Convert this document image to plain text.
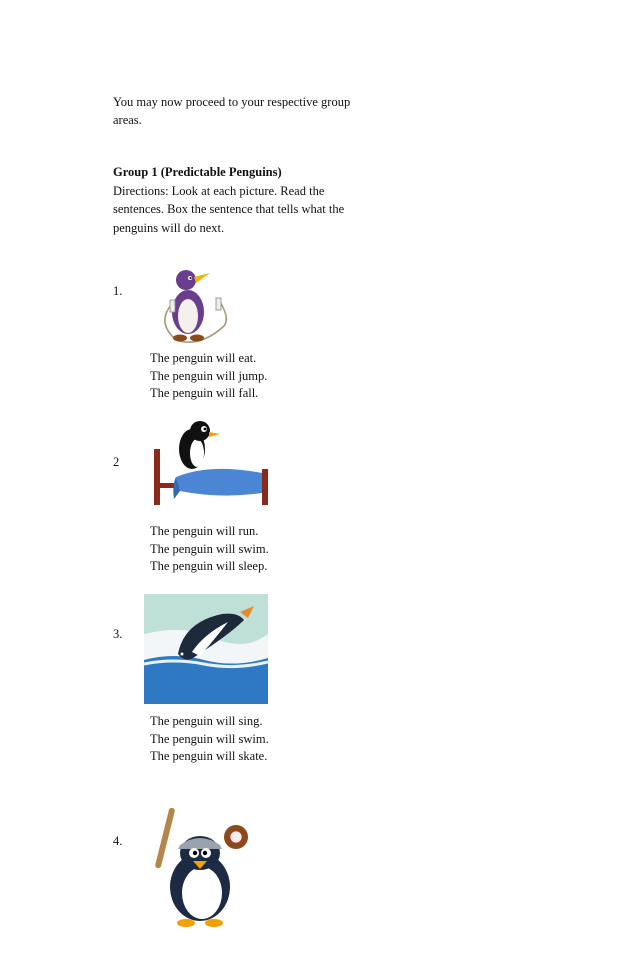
You may now proceed to your respective group areas.
Group 1 (Predictable Penguins)
Directions: Look at each picture. Read the sentences. Box the sentence that tells what the penguins will do next.
1.
The penguin will eat.
The penguin will jump.
The penguin will fall.
2
The penguin will run.
The penguin will swim.
The penguin will sleep.
3.
The penguin will sing.
The penguin will swim.
The penguin will skate.
4.
